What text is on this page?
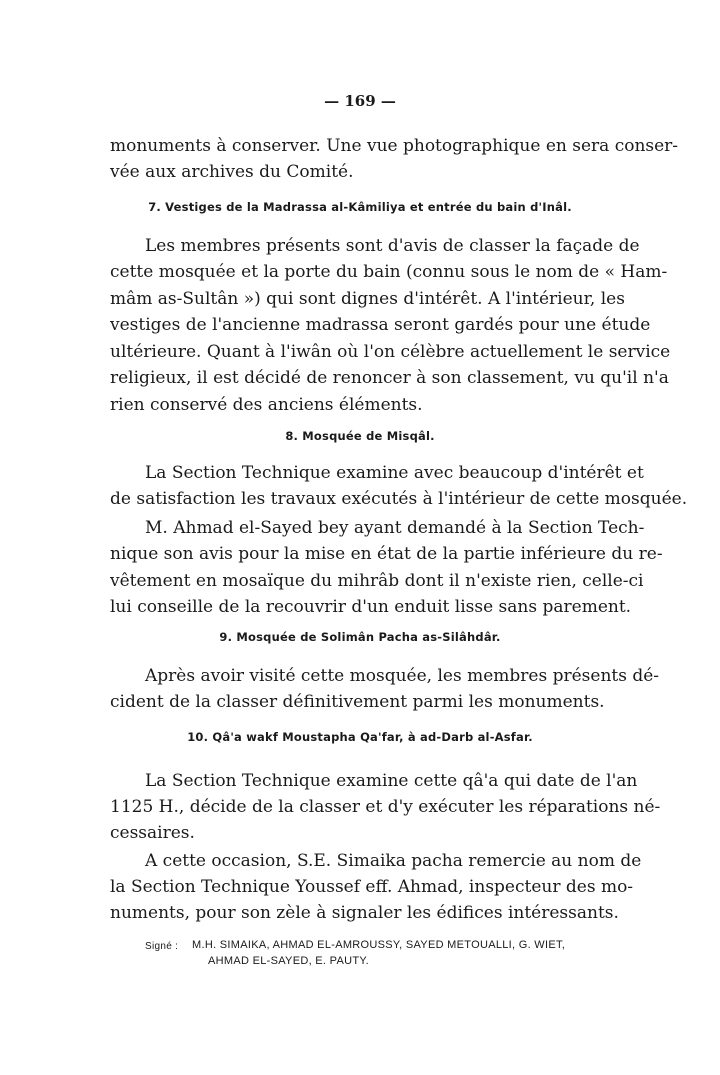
— 169 —
monuments à conserver. Une vue photographique en sera conser-
vée aux archives du Comité.
7. Vestiges de la Madrassa al-Kâmiliya et entrée du bain d'Inâl.
Les membres présents sont d'avis de classer la façade de
cette mosquée et la porte du bain (connu sous le nom de « Ham-
mâm as-Sultân ») qui sont dignes d'intérêt. A l'intérieur, les
vestiges de l'ancienne madrassa seront gardés pour une étude
ultérieure. Quant à l'iwân où l'on célèbre actuellement le service
religieux, il est décidé de renoncer à son classement, vu qu'il n'a
rien conservé des anciens éléments.
8. Mosquée de Misqâl.
La Section Technique examine avec beaucoup d'intérêt et
de satisfaction les travaux exécutés à l'intérieur de cette mosquée.
M. Ahmad el-Sayed bey ayant demandé à la Section Tech-
nique son avis pour la mise en état de la partie inférieure du re-
vêtement en mosaïque du mihrâb dont il n'existe rien, celle-ci
lui conseille de la recouvrir d'un enduit lisse sans parement.
9. Mosquée de Solimân Pacha as-Silâhdâr.
Après avoir visité cette mosquée, les membres présents dé-
cident de la classer définitivement parmi les monuments.
10. Qâ'a wakf Moustapha Qa'far, à ad-Darb al-Asfar.
La Section Technique examine cette qâ'a qui date de l'an
1125 H., décide de la classer et d'y exécuter les réparations né-
cessaires.
A cette occasion, S.E. Simaika pacha remercie au nom de
la Section Technique Youssef eff. Ahmad, inspecteur des mo-
numents, pour son zèle à signaler les édifices intéressants.
Signé : M.H. SIMAIKA, AHMAD EL-AMROUSSY, SAYED METOUALLI, G. WIET,
AHMAD EL-SAYED, E. PAUTY.
